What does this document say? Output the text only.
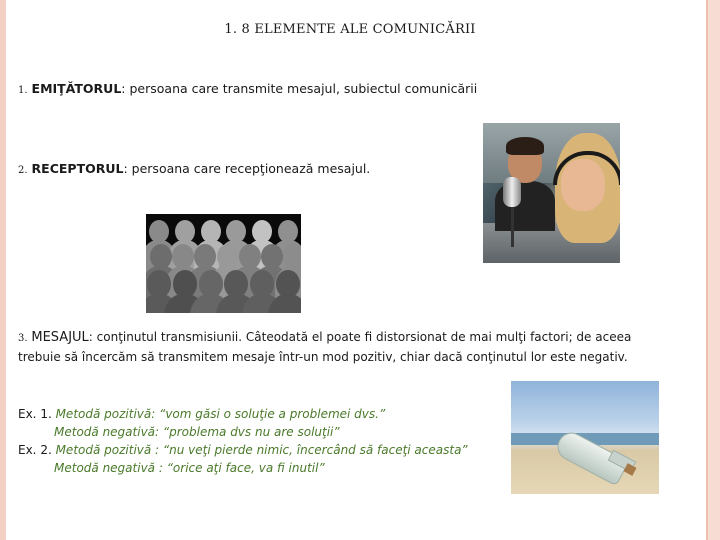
1. 8 ELEMENTE ALE COMUNICĂRII
1. EMIŢĂTORUL: persoana care transmite mesajul, subiectul comunicării
2. RECEPTORUL: persoana care recepţionează mesajul.
3. MESAJUL: conţinutul transmisiunii. Câteodată el poate fi distorsionat de mai mulţi factori; de aceea trebuie să încercăm să transmitem mesaje într-un mod pozitiv, chiar dacă conţinutul lor este negativ.
Ex. 1. Metodă pozitivă: “vom găsi o soluţie a problemei dvs.”
Metodă negativă: “problema dvs nu are soluţii”
Ex. 2. Metodă pozitivă : “nu veţi pierde nimic, încercând să faceţi aceasta”
Metodă negativă : “orice aţi face, va fi inutil”
